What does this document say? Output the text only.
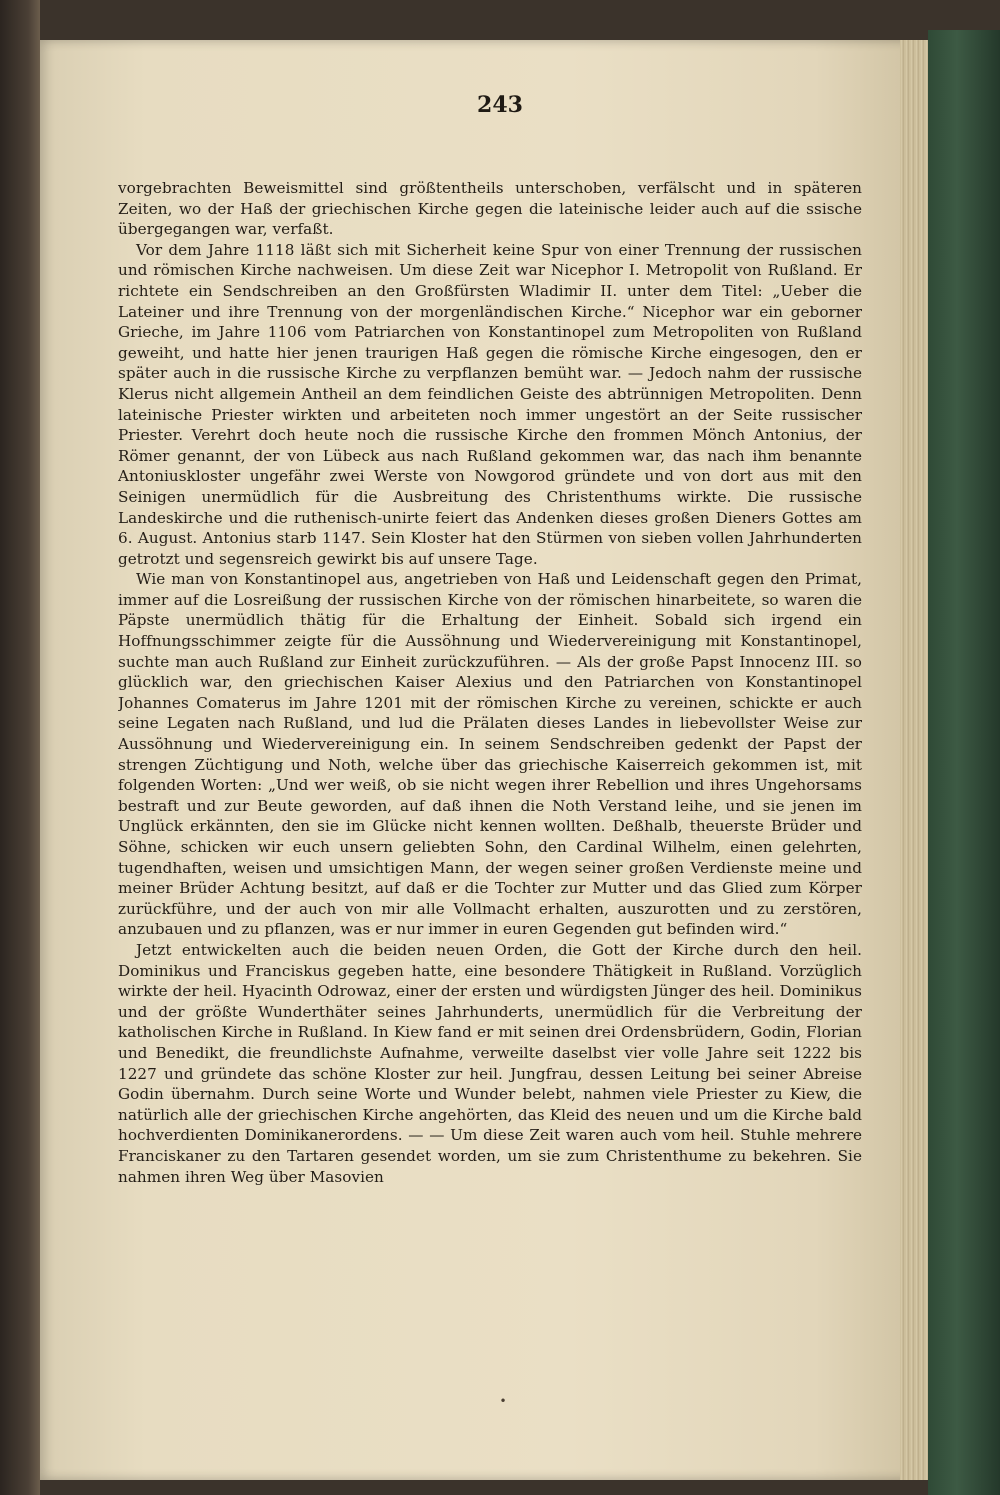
243

vorgebrachten Beweismittel sind größtentheils unterschoben, verfälscht und in späteren Zeiten, wo der Haß der griechischen Kirche gegen die lateinische leider auch auf die ssische übergegangen war, verfaßt.

Vor dem Jahre 1118 läßt sich mit Sicherheit keine Spur von einer Trennung der russischen und römischen Kirche nachweisen. Um diese Zeit war Nicephor I. Metropolit von Rußland. Er richtete ein Sendschreiben an den Großfürsten Wladimir II. unter dem Titel: „Ueber die Lateiner und ihre Trennung von der morgenländischen Kirche.“ Nicephor war ein geborner Grieche, im Jahre 1106 vom Patriarchen von Konstantinopel zum Metropoliten von Rußland geweiht, und hatte hier jenen traurigen Haß gegen die römische Kirche eingesogen, den er später auch in die russische Kirche zu verpflanzen bemüht war. — Jedoch nahm der russische Klerus nicht allgemein Antheil an dem feindlichen Geiste des abtrünnigen Metropoliten. Denn lateinische Priester wirkten und arbeiteten noch immer ungestört an der Seite russischer Priester. Verehrt doch heute noch die russische Kirche den frommen Mönch Antonius, der Römer genannt, der von Lübeck aus nach Rußland gekommen war, das nach ihm benannte Antoniuskloster ungefähr zwei Werste von Nowgorod gründete und von dort aus mit den Seinigen unermüdlich für die Ausbreitung des Christenthums wirkte. Die russische Landeskirche und die ruthenisch-unirte feiert das Andenken dieses großen Dieners Gottes am 6. August. Antonius starb 1147. Sein Kloster hat den Stürmen von sieben vollen Jahrhunderten getrotzt und segensreich gewirkt bis auf unsere Tage.

Wie man von Konstantinopel aus, angetrieben von Haß und Leidenschaft gegen den Primat, immer auf die Losreißung der russischen Kirche von der römischen hinarbeitete, so waren die Päpste unermüdlich thätig für die Erhaltung der Einheit. Sobald sich irgend ein Hoffnungsschimmer zeigte für die Aussöhnung und Wiedervereinigung mit Konstantinopel, suchte man auch Rußland zur Einheit zurückzuführen. — Als der große Papst Innocenz III. so glücklich war, den griechischen Kaiser Alexius und den Patriarchen von Konstantinopel Johannes Comaterus im Jahre 1201 mit der römischen Kirche zu vereinen, schickte er auch seine Legaten nach Rußland, und lud die Prälaten dieses Landes in liebevollster Weise zur Aussöhnung und Wiedervereinigung ein. In seinem Sendschreiben gedenkt der Papst der strengen Züchtigung und Noth, welche über das griechische Kaiserreich gekommen ist, mit folgenden Worten: „Und wer weiß, ob sie nicht wegen ihrer Rebellion und ihres Ungehorsams bestraft und zur Beute geworden, auf daß ihnen die Noth Verstand leihe, und sie jenen im Unglück erkännten, den sie im Glücke nicht kennen wollten. Deßhalb, theuerste Brüder und Söhne, schicken wir euch unsern geliebten Sohn, den Cardinal Wilhelm, einen gelehrten, tugendhaften, weisen und umsichtigen Mann, der wegen seiner großen Verdienste meine und meiner Brüder Achtung besitzt, auf daß er die Tochter zur Mutter und das Glied zum Körper zurückführe, und der auch von mir alle Vollmacht erhalten, auszurotten und zu zerstören, anzubauen und zu pflanzen, was er nur immer in euren Gegenden gut befinden wird.“

Jetzt entwickelten auch die beiden neuen Orden, die Gott der Kirche durch den heil. Dominikus und Franciskus gegeben hatte, eine besondere Thätigkeit in Rußland. Vorzüglich wirkte der heil. Hyacinth Odrowaz, einer der ersten und würdigsten Jünger des heil. Dominikus und der größte Wunderthäter seines Jahrhunderts, unermüdlich für die Verbreitung der katholischen Kirche in Rußland. In Kiew fand er mit seinen drei Ordensbrüdern, Godin, Florian und Benedikt, die freundlichste Aufnahme, verweilte daselbst vier volle Jahre seit 1222 bis 1227 und gründete das schöne Kloster zur heil. Jungfrau, dessen Leitung bei seiner Abreise Godin übernahm. Durch seine Worte und Wunder belebt, nahmen viele Priester zu Kiew, die natürlich alle der griechischen Kirche angehörten, das Kleid des neuen und um die Kirche bald hochverdienten Dominikanerordens. — — Um diese Zeit waren auch vom heil. Stuhle mehrere Franciskaner zu den Tartaren gesendet worden, um sie zum Christenthume zu bekehren. Sie nahmen ihren Weg über Masovien

•
